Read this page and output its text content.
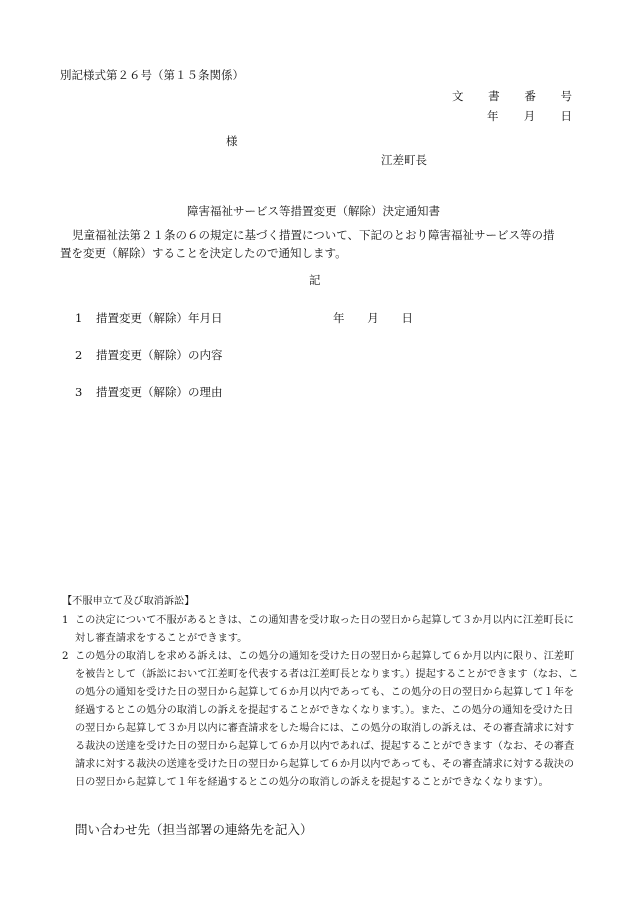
別記様式第２６号（第１５条関係）
文 書 番 号
年 月 日
様
江差町長
障害福祉サービス等措置変更（解除）決定通知書
児童福祉法第２１条の６の規定に基づく措置について、下記のとおり障害福祉サービス等の措
置を変更（解除）することを決定したので通知します。
記
1 措置変更（解除）年月日	年 月 日
2 措置変更（解除）の内容
3 措置変更（解除）の理由
【不服申立て及び取消訴訟】
1 この決定について不服があるときは、この通知書を受け取った日の翌日から起算して３か月以内に江差町長に対し審査請求をすることができます。
2 この処分の取消しを求める訴えは、この処分の通知を受けた日の翌日から起算して６か月以内に限り、江差町を被告として（訴訟において江差町を代表する者は江差町長となります。）提起することができます（なお、この処分の通知を受けた日の翌日から起算して６か月以内であっても、この処分の日の翌日から起算して１年を経過するとこの処分の取消しの訴えを提起することができなくなります。）。また、この処分の通知を受けた日の翌日から起算して３か月以内に審査請求をした場合には、この処分の取消しの訴えは、その審査請求に対する裁決の送達を受けた日の翌日から起算して６か月以内であれば、提起することができます（なお、その審査請求に対する裁決の送達を受けた日の翌日から起算して６か月以内であっても、その審査請求に対する裁決の日の翌日から起算して１年を経過するとこの処分の取消しの訴えを提起することができなくなります）。
問い合わせ先（担当部署の連絡先を記入）
